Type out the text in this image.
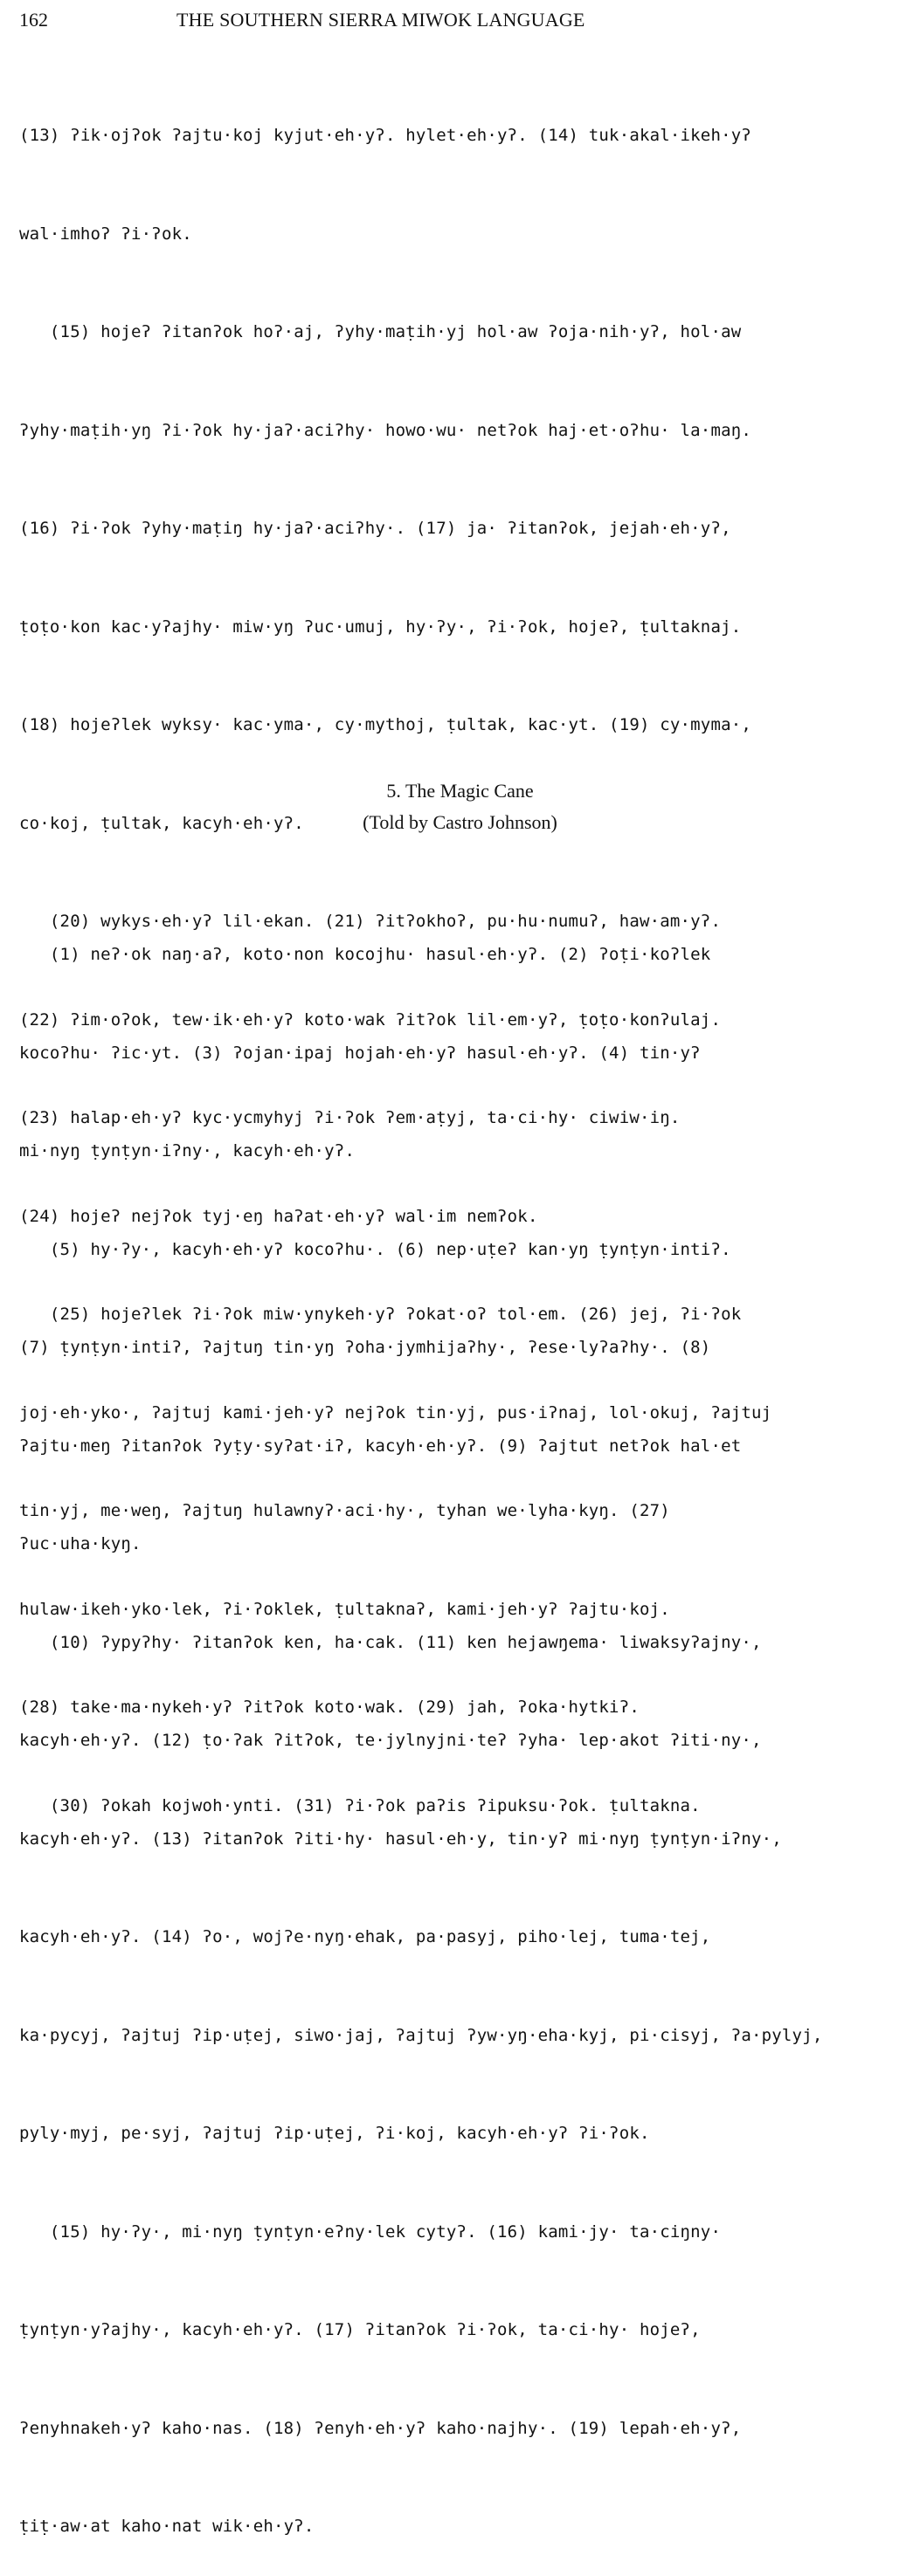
162	THE SOUTHERN SIERRA MIWOK LANGUAGE

(13) ʔik·ojʔok ʔajtu·koj kyjut·eh·yʔ. hylet·eh·yʔ. (14) tuk·akal·ikeh·yʔ

wal·imhoʔ ʔi·ʔok.

(15) hojeʔ ʔitanʔok hoʔ·aj, ʔyhy·maṭih·yj hol·aw ʔoja·nih·yʔ, hol·aw

ʔyhy·maṭih·yŋ ʔi·ʔok hy·jaʔ·aciʔhy· howo·wu· netʔok haj·et·oʔhu· la·maŋ.

(16) ʔi·ʔok ʔyhy·maṭiŋ hy·jaʔ·aciʔhy·. (17) ja· ʔitanʔok, jejah·eh·yʔ,

ṭoṭo·kon kac·yʔajhy· miw·yŋ ʔuc·umuj, hy·ʔy·, ʔi·ʔok, hojeʔ, ṭultaknaj.

(18) hojeʔlek wyksy· kac·yma·, cy·mythoj, ṭultak, kac·yt. (19) cy·myma·,

co·koj, ṭultak, kacyh·eh·yʔ.

(20) wykys·eh·yʔ lil·ekan. (21) ʔitʔokhoʔ, pu·hu·numuʔ, haw·am·yʔ.

(22) ʔim·oʔok, tew·ik·eh·yʔ koto·wak ʔitʔok lil·em·yʔ, ṭoṭo·konʔulaj.

(23) halap·eh·yʔ kyc·ycmyhyj ʔi·ʔok ʔem·aṭyj, ta·ci·hy· ciwiw·iŋ.

(24) hojeʔ nejʔok tyj·eŋ haʔat·eh·yʔ wal·im nemʔok.

(25) hojeʔlek ʔi·ʔok miw·ynykeh·yʔ ʔokat·oʔ tol·em. (26) jej, ʔi·ʔok

joj·eh·yko·, ʔajtuj kami·jeh·yʔ nejʔok tin·yj, pus·iʔnaj, lol·okuj, ʔajtuj

tin·yj, me·weŋ, ʔajtuŋ hulawnyʔ·aci·hy·, tyhan we·lyha·kyŋ. (27)

hulaw·ikeh·yko·lek, ʔi·ʔoklek, ṭultaknaʔ, kami·jeh·yʔ ʔajtu·koj.

(28) take·ma·nykeh·yʔ ʔitʔok koto·wak. (29) jah, ʔoka·hytkiʔ.

(30) ʔokah kojwoh·ynti. (31) ʔi·ʔok paʔis ʔipuksu·ʔok. ṭultakna.

5. The Magic Cane
(Told by Castro Johnson)

(1) neʔ·ok naŋ·aʔ, koto·non kocojhu· hasul·eh·yʔ. (2) ʔoṭi·koʔlek

kocoʔhu· ʔic·yt. (3) ʔojan·ipaj hojah·eh·yʔ hasul·eh·yʔ. (4) tin·yʔ

mi·nyŋ ṭynṭyn·iʔny·, kacyh·eh·yʔ.

(5) hy·ʔy·, kacyh·eh·yʔ kocoʔhu·. (6) nep·uṭeʔ kan·yŋ ṭynṭyn·intiʔ.

(7) ṭynṭyn·intiʔ, ʔajtuŋ tin·yŋ ʔoha·jymhijaʔhy·, ʔese·lyʔaʔhy·. (8)

ʔajtu·meŋ ʔitanʔok ʔyṭy·syʔat·iʔ, kacyh·eh·yʔ. (9) ʔajtut netʔok hal·et

ʔuc·uha·kyŋ.

(10) ʔypyʔhy· ʔitanʔok ken, ha·cak. (11) ken hejawŋema· liwaksyʔajny·,

kacyh·eh·yʔ. (12) ṭo·ʔak ʔitʔok, te·jylnyjni·teʔ ʔyha· lep·akot ʔiti·ny·,

kacyh·eh·yʔ. (13) ʔitanʔok ʔiti·hy· hasul·eh·y, tin·yʔ mi·nyŋ ṭynṭyn·iʔny·,

kacyh·eh·yʔ. (14) ʔo·, wojʔe·nyŋ·ehak, pa·pasyj, piho·lej, tuma·tej,

ka·pycyj, ʔajtuj ʔip·uṭej, siwo·jaj, ʔajtuj ʔyw·yŋ·eha·kyj, pi·cisyj, ʔa·pylyj,

pyly·myj, pe·syj, ʔajtuj ʔip·uṭej, ʔi·koj, kacyh·eh·yʔ ʔi·ʔok.

(15) hy·ʔy·, mi·nyŋ ṭynṭyn·eʔny·lek cytyʔ. (16) kami·jy· ta·ciŋny·

ṭynṭyn·yʔajhy·, kacyh·eh·yʔ. (17) ʔitanʔok ʔi·ʔok, ta·ci·hy· hojeʔ,

ʔenyhnakeh·yʔ kaho·nas. (18) ʔenyh·eh·yʔ kaho·najhy·. (19) lepah·eh·yʔ,

ṭiṭ·aw·at kaho·nat wik·eh·yʔ.
